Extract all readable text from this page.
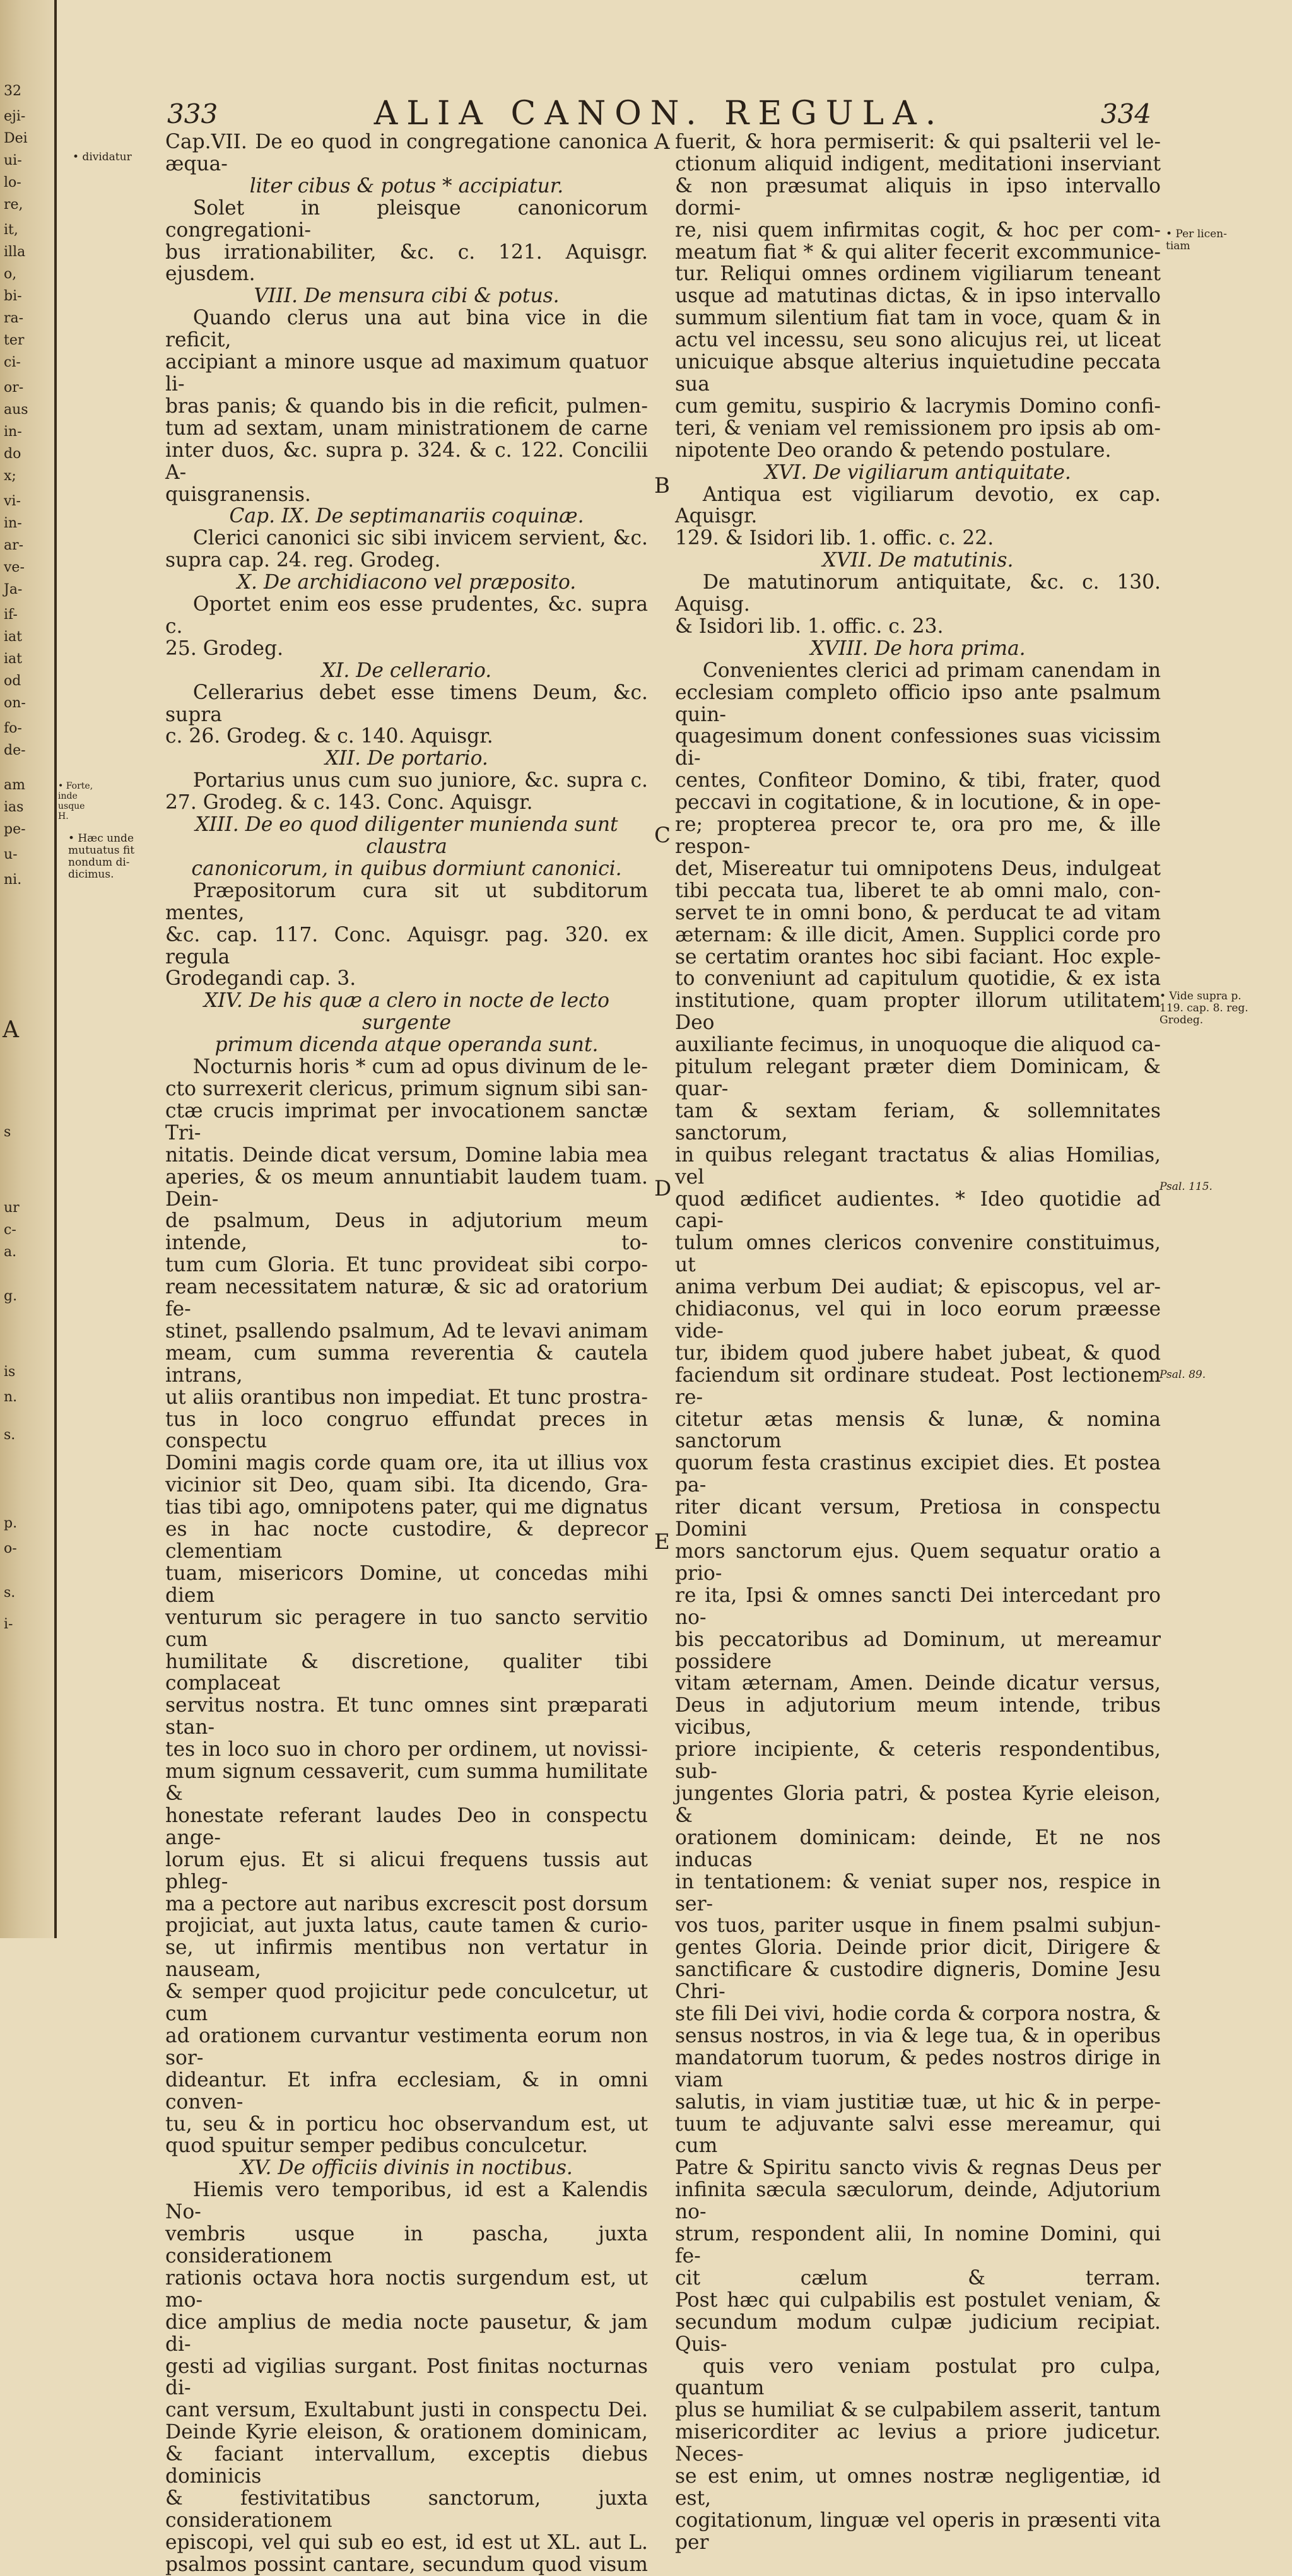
32
eji-
Dei
ui-
lo-
re,
it,
illa
o,
bi-
ra-
ter
ci-
or-
aus
in-
do
x;
vi-
in-
ar-
ve-
Ja-
if-
iat
iat
od
on-
fo-
de-
am
ias
pe-
u-
ni.
A
s
ur
c-
a.
g.
is
n.
s.
p.
o-
s.
i-
333	ALIA CANON. REGULA.	334
A
B
C
D
E
• dividatur
• Forte, inde usque H.
• Hæc unde mutuatus fit nondum di- dicimus.
• Per licen- tiam
• Vide supra p. 119. cap. 8. reg. Grodeg.
Psal. 115.
Psal. 89.

Cap.VII. De eo quod in congregatione canonica æqua-

liter cibus & potus * accipiatur.

Solet in pleisque canonicorum congregationi-

bus irrationabiliter, &c. c. 121. Aquisgr. ejusdem.

VIII. De mensura cibi & potus.

Quando clerus una aut bina vice in die reficit,

accipiant a minore usque ad maximum quatuor li-

bras panis; & quando bis in die reficit, pulmen-

tum ad sextam, unam ministrationem de carne

inter duos, &c. supra p. 324. & c. 122. Concilii A-

quisgranensis.

Cap. IX. De septimanariis coquinæ.

Clerici canonici sic sibi invicem servient, &c.

supra cap. 24. reg. Grodeg.

X. De archidiacono vel præposito.

Oportet enim eos esse prudentes, &c. supra c.

25. Grodeg.

XI. De cellerario.

Cellerarius debet esse timens Deum, &c. supra

c. 26. Grodeg. & c. 140. Aquisgr.

XII. De portario.

Portarius unus cum suo juniore, &c. supra c.

27. Grodeg. & c. 143. Conc. Aquisgr.

XIII. De eo quod diligenter munienda sunt claustra

canonicorum, in quibus dormiunt canonici.

Præpositorum cura sit ut subditorum mentes,

&c. cap. 117. Conc. Aquisgr. pag. 320. ex regula

Grodegandi cap. 3.

XIV. De his quæ a clero in nocte de lecto surgente

primum dicenda atque operanda sunt.

Nocturnis horis * cum ad opus divinum de le-

cto surrexerit clericus, primum signum sibi san-

ctæ crucis imprimat per invocationem sanctæ Tri-

nitatis. Deinde dicat versum, Domine labia mea

aperies, & os meum annuntiabit laudem tuam. Dein-

de psalmum, Deus in adjutorium meum intende, to-

tum cum Gloria. Et tunc provideat sibi corpo-

ream necessitatem naturæ, & sic ad oratorium fe-

stinet, psallendo psalmum, Ad te levavi animam

meam, cum summa reverentia & cautela intrans,

ut aliis orantibus non impediat. Et tunc prostra-

tus in loco congruo effundat preces in conspectu

Domini magis corde quam ore, ita ut illius vox

vicinior sit Deo, quam sibi. Ita dicendo, Gra-

tias tibi ago, omnipotens pater, qui me dignatus

es in hac nocte custodire, & deprecor clementiam

tuam, misericors Domine, ut concedas mihi diem

venturum sic peragere in tuo sancto servitio cum

humilitate & discretione, qualiter tibi complaceat

servitus nostra. Et tunc omnes sint præparati stan-

tes in loco suo in choro per ordinem, ut novissi-

mum signum cessaverit, cum summa humilitate &

honestate referant laudes Deo in conspectu ange-

lorum ejus. Et si alicui frequens tussis aut phleg-

ma a pectore aut naribus excrescit post dorsum

projiciat, aut juxta latus, caute tamen & curio-

se, ut infirmis mentibus non vertatur in nauseam,

& semper quod projicitur pede conculcetur, ut cum

ad orationem curvantur vestimenta eorum non sor-

dideantur. Et infra ecclesiam, & in omni conven-

tu, seu & in porticu hoc observandum est, ut

quod spuitur semper pedibus conculcetur.

XV. De officiis divinis in noctibus.

Hiemis vero temporibus, id est a Kalendis No-

vembris usque in pascha, juxta considerationem

rationis octava hora noctis surgendum est, ut mo-

dice amplius de media nocte pausetur, & jam di-

gesti ad vigilias surgant. Post finitas nocturnas di-

cant versum, Exultabunt justi in conspectu Dei.

Deinde Kyrie eleison, & orationem dominicam,

& faciant intervallum, exceptis diebus dominicis

& festivitatibus sanctorum, juxta considerationem

episcopi, vel qui sub eo est, id est ut XL. aut L.

psalmos possint cantare, secundum quod visum

fuerit, & hora permiserit: & qui psalterii vel le-

ctionum aliquid indigent, meditationi inserviant

& non præsumat aliquis in ipso intervallo dormi-

re, nisi quem infirmitas cogit, & hoc per com-

meatum fiat * & qui aliter fecerit excommunice-

tur. Reliqui omnes ordinem vigiliarum teneant

usque ad matutinas dictas, & in ipso intervallo

summum silentium fiat tam in voce, quam & in

actu vel incessu, seu sono alicujus rei, ut liceat

unicuique absque alterius inquietudine peccata sua

cum gemitu, suspirio & lacrymis Domino confi-

teri, & veniam vel remissionem pro ipsis ab om-

nipotente Deo orando & petendo postulare.

XVI. De vigiliarum antiquitate.

Antiqua est vigiliarum devotio, ex cap. Aquisgr.

129. & Isidori lib. 1. offic. c. 22.

XVII. De matutinis.

De matutinorum antiquitate, &c. c. 130. Aquisg.

& Isidori lib. 1. offic. c. 23.

XVIII. De hora prima.

Convenientes clerici ad primam canendam in

ecclesiam completo officio ipso ante psalmum quin-

quagesimum donent confessiones suas vicissim di-

centes, Confiteor Domino, & tibi, frater, quod

peccavi in cogitatione, & in locutione, & in ope-

re; propterea precor te, ora pro me, & ille respon-

det, Misereatur tui omnipotens Deus, indulgeat

tibi peccata tua, liberet te ab omni malo, con-

servet te in omni bono, & perducat te ad vitam

æternam: & ille dicit, Amen. Supplici corde pro

se certatim orantes hoc sibi faciant. Hoc exple-

to conveniunt ad capitulum quotidie, & ex ista

institutione, quam propter illorum utilitatem Deo

auxiliante fecimus, in unoquoque die aliquod ca-

pitulum relegant præter diem Dominicam, & quar-

tam & sextam feriam, & sollemnitates sanctorum,

in quibus relegant tractatus & alias Homilias, vel

quod ædificet audientes. * Ideo quotidie ad capi-

tulum omnes clericos convenire constituimus, ut

anima verbum Dei audiat; & episcopus, vel ar-

chidiaconus, vel qui in loco eorum præesse vide-

tur, ibidem quod jubere habet jubeat, & quod

faciendum sit ordinare studeat. Post lectionem re-

citetur ætas mensis & lunæ, & nomina sanctorum

quorum festa crastinus excipiet dies. Et postea pa-

riter dicant versum, Pretiosa in conspectu Domini

mors sanctorum ejus. Quem sequatur oratio a prio-

re ita, Ipsi & omnes sancti Dei intercedant pro no-

bis peccatoribus ad Dominum, ut mereamur possidere

vitam æternam, Amen. Deinde dicatur versus,

Deus in adjutorium meum intende, tribus vicibus,

priore incipiente, & ceteris respondentibus, sub-

jungentes Gloria patri, & postea Kyrie eleison, &

orationem dominicam: deinde, Et ne nos inducas

in tentationem: & veniat super nos, respice in ser-

vos tuos, pariter usque in finem psalmi subjun-

gentes Gloria. Deinde prior dicit, Dirigere &

sanctificare & custodire digneris, Domine Jesu Chri-

ste fili Dei vivi, hodie corda & corpora nostra, &

sensus nostros, in via & lege tua, & in operibus

mandatorum tuorum, & pedes nostros dirige in viam

salutis, in viam justitiæ tuæ, ut hic & in perpe-

tuum te adjuvante salvi esse mereamur, qui cum

Patre & Spiritu sancto vivis & regnas Deus per

infinita sæcula sæculorum, deinde, Adjutorium no-

strum, respondent alii, In nomine Domini, qui fe-

cit cælum & terram.

Post hæc qui culpabilis est postulet veniam, &

secundum modum culpæ judicium recipiat. Quis-

quis vero veniam postulat pro culpa, quantum

plus se humiliat & se culpabilem asserit, tantum

misericorditer ac levius a priore judicetur. Neces-

se est enim, ut omnes nostræ negligentiæ, id est,

cogitationum, linguæ vel operis in præsenti vita

per
